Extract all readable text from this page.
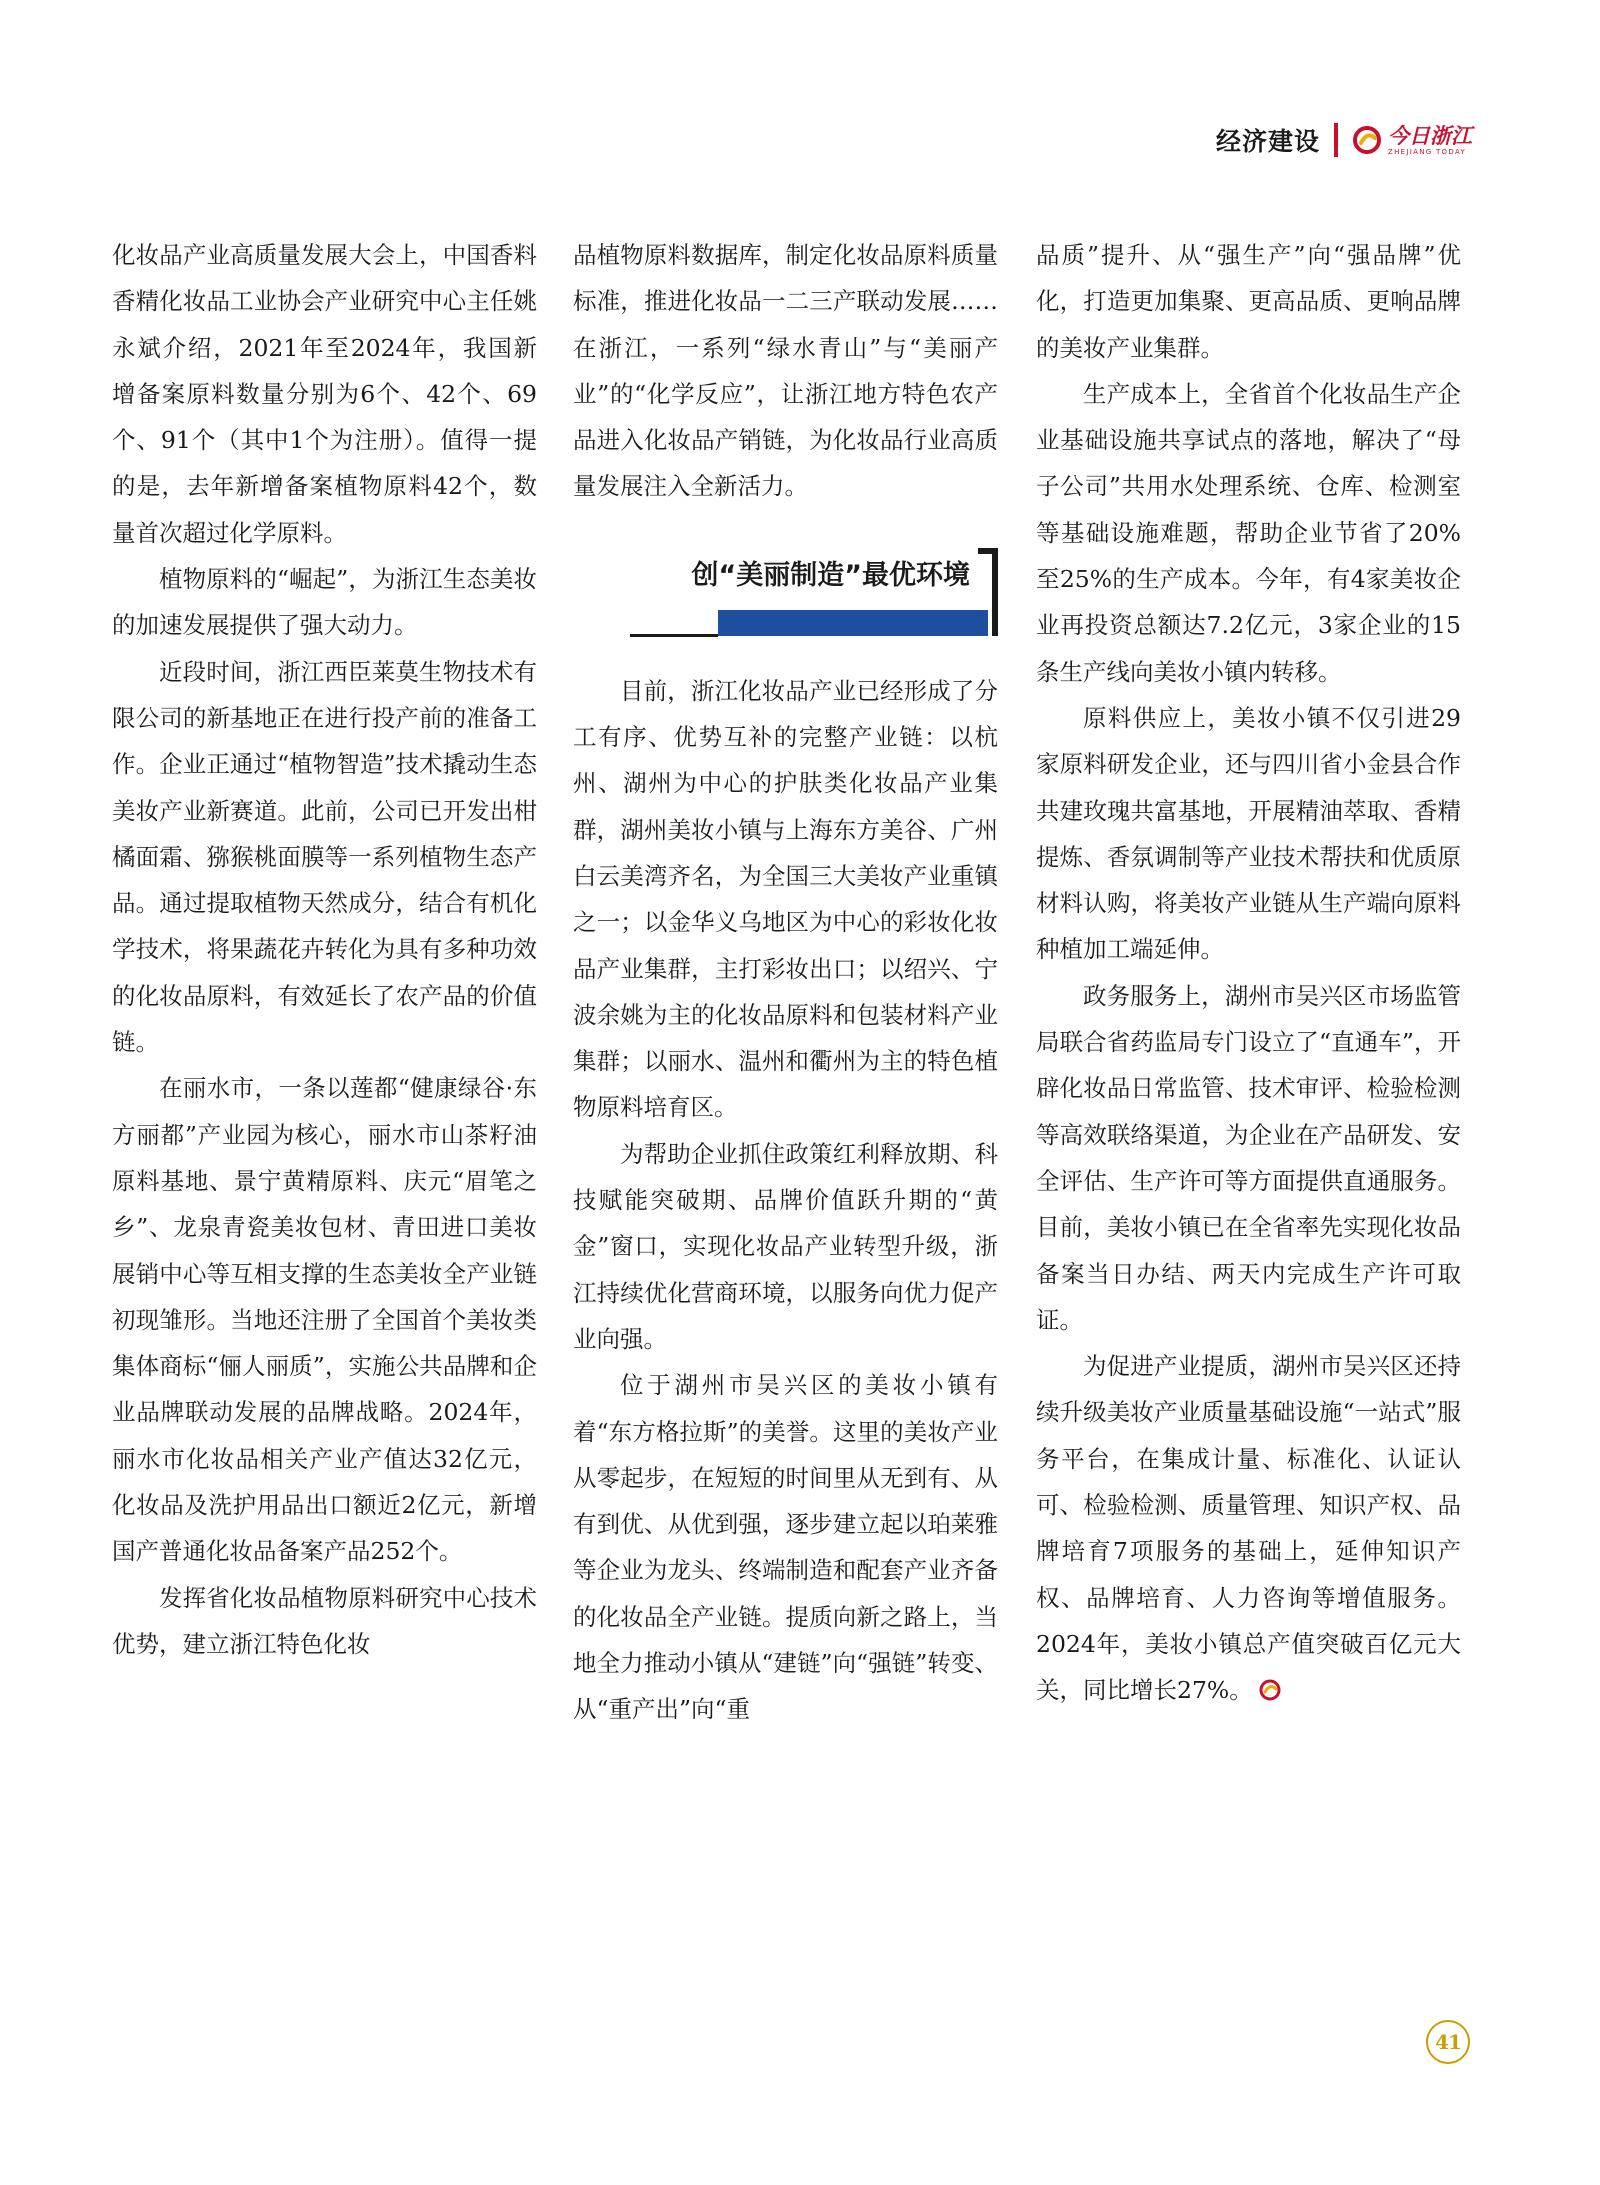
经济建设	今日浙江
ZHEJIANG TODAY

化妆品产业高质量发展大会上，中国香料香精化妆品工业协会产业研究中心主任姚永斌介绍，2021年至2024年，我国新增备案原料数量分别为6个、42个、69个、91个（其中1个为注册）。值得一提的是，去年新增备案植物原料42个，数量首次超过化学原料。

植物原料的“崛起”，为浙江生态美妆的加速发展提供了强大动力。

近段时间，浙江西臣莱莫生物技术有限公司的新基地正在进行投产前的准备工作。企业正通过“植物智造”技术撬动生态美妆产业新赛道。此前，公司已开发出柑橘面霜、猕猴桃面膜等一系列植物生态产品。通过提取植物天然成分，结合有机化学技术，将果蔬花卉转化为具有多种功效的化妆品原料，有效延长了农产品的价值链。

在丽水市，一条以莲都“健康绿谷·东方丽都”产业园为核心，丽水市山茶籽油原料基地、景宁黄精原料、庆元“眉笔之乡”、龙泉青瓷美妆包材、青田进口美妆展销中心等互相支撑的生态美妆全产业链初现雏形。当地还注册了全国首个美妆类集体商标“俪人丽质”，实施公共品牌和企业品牌联动发展的品牌战略。2024年，丽水市化妆品相关产业产值达32亿元，化妆品及洗护用品出口额近2亿元，新增国产普通化妆品备案产品252个。

发挥省化妆品植物原料研究中心技术优势，建立浙江特色化妆

品植物原料数据库，制定化妆品原料质量标准，推进化妆品一二三产联动发展……在浙江，一系列“绿水青山”与“美丽产业”的“化学反应”，让浙江地方特色农产品进入化妆品产销链，为化妆品行业高质量发展注入全新活力。

创“美丽制造”最优环境

目前，浙江化妆品产业已经形成了分工有序、优势互补的完整产业链：以杭州、湖州为中心的护肤类化妆品产业集群，湖州美妆小镇与上海东方美谷、广州白云美湾齐名，为全国三大美妆产业重镇之一；以金华义乌地区为中心的彩妆化妆品产业集群，主打彩妆出口；以绍兴、宁波余姚为主的化妆品原料和包装材料产业集群；以丽水、温州和衢州为主的特色植物原料培育区。

为帮助企业抓住政策红利释放期、科技赋能突破期、品牌价值跃升期的“黄金”窗口，实现化妆品产业转型升级，浙江持续优化营商环境，以服务向优力促产业向强。

位于湖州市吴兴区的美妆小镇有着“东方格拉斯”的美誉。这里的美妆产业从零起步，在短短的时间里从无到有、从有到优、从优到强，逐步建立起以珀莱雅等企业为龙头、终端制造和配套产业齐备的化妆品全产业链。提质向新之路上，当地全力推动小镇从“建链”向“强链”转变、从“重产出”向“重

品质”提升、从“强生产”向“强品牌”优化，打造更加集聚、更高品质、更响品牌的美妆产业集群。

生产成本上，全省首个化妆品生产企业基础设施共享试点的落地，解决了“母子公司”共用水处理系统、仓库、检测室等基础设施难题，帮助企业节省了20%至25%的生产成本。今年，有4家美妆企业再投资总额达7.2亿元，3家企业的15条生产线向美妆小镇内转移。

原料供应上，美妆小镇不仅引进29家原料研发企业，还与四川省小金县合作共建玫瑰共富基地，开展精油萃取、香精提炼、香氛调制等产业技术帮扶和优质原材料认购，将美妆产业链从生产端向原料种植加工端延伸。

政务服务上，湖州市吴兴区市场监管局联合省药监局专门设立了“直通车”，开辟化妆品日常监管、技术审评、检验检测等高效联络渠道，为企业在产品研发、安全评估、生产许可等方面提供直通服务。目前，美妆小镇已在全省率先实现化妆品备案当日办结、两天内完成生产许可取证。

为促进产业提质，湖州市吴兴区还持续升级美妆产业质量基础设施“一站式”服务平台，在集成计量、标准化、认证认可、检验检测、质量管理、知识产权、品牌培育7项服务的基础上，延伸知识产权、品牌培育、人力咨询等增值服务。2024年，美妆小镇总产值突破百亿元大关，同比增长27%。

41
